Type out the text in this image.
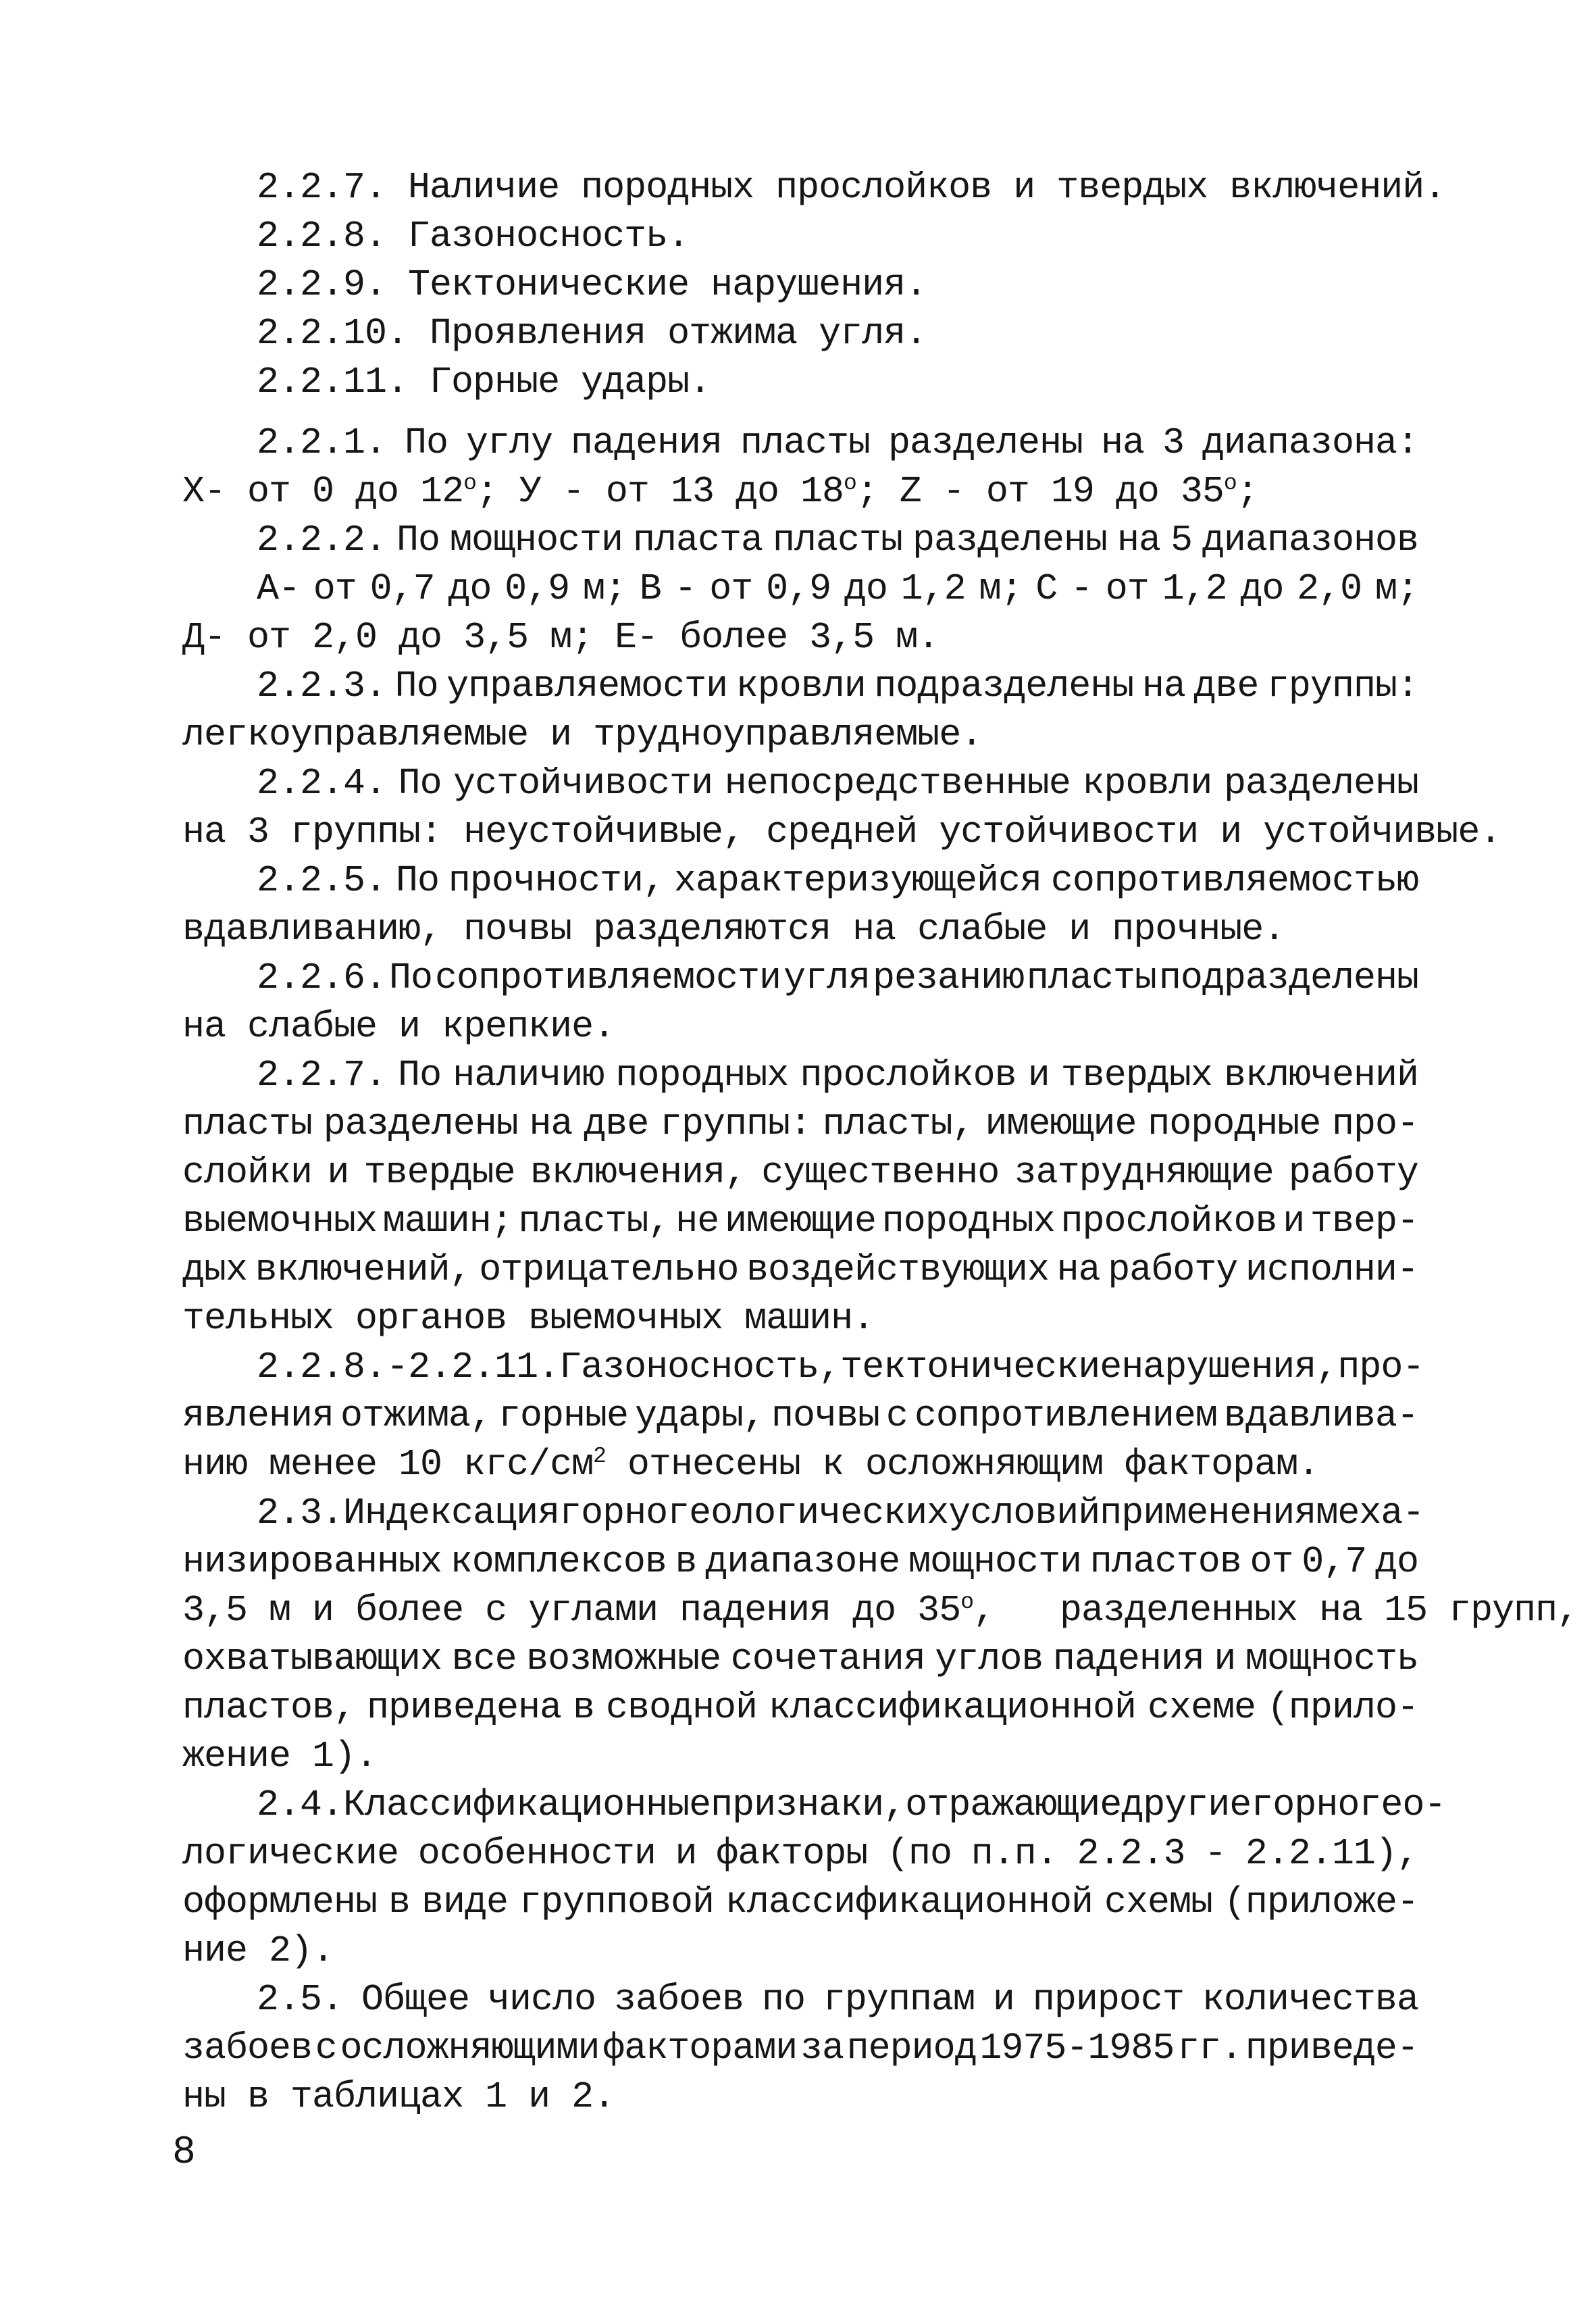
2.2.7. Наличие породных прослойков и твердых включений.
2.2.8. Газоносность.
2.2.9. Тектонические нарушения.
2.2.10. Проявления отжима угля.
2.2.11. Горные удары.
2.2.1. По углу падения пласты разделены на 3 диапазона:
Х- от 0 до $12^о$; У - от 13 до $18^о$; Z - от 19 до $35^о$;
2.2.2. По мощности пласта пласты разделены на 5 диапазонов
А- от 0,7 до 0,9 м; В - от 0,9 до 1,2 м; С - от 1,2 до 2,0 м;
Д- от 2,0 до 3,5 м; Е- более 3,5 м.
2.2.3. По управляемости кровли подразделены на две группы:
легкоуправляемые и трудноуправляемые.
2.2.4. По устойчивости непосредственные кровли разделены
на 3 группы: неустойчивые, средней устойчивости и устойчивые.
2.2.5. По прочности, характеризующейся сопротивляемостью
вдавливанию, почвы разделяются на слабые и прочные.
2.2.6. По сопротивляемости угля резанию пласты подразделены
на слабые и крепкие.
2.2.7. По наличию породных прослойков и твердых включений
пласты разделены на две группы: пласты, имеющие породные про-
слойки и твердые включения, существенно затрудняющие работу
выемочных машин; пласты, не имеющие породных прослойков и твер-
дых включений, отрицательно воздействующих на работу исполни-
тельных органов выемочных машин.
2.2.8. - 2.2.11. Газоносность, тектонические нарушения, про-
явления отжима, горные удары, почвы с сопротивлением вдавлива-
нию менее 10 кгс/$см^2$ отнесены к осложняющим факторам.
2.3. Индексация горногеологических условий применения меха-
низированных комплексов в диапазоне мощности пластов от 0,7 до
3,5 м и более с углами падения до $35^о$,   разделенных на 15 групп,
охватывающих все возможные сочетания углов падения и мощность
пластов, приведена в сводной классификационной схеме (прило-
жение 1).
2.4. Классификационные признаки, отражающие другие горногео-
логические особенности и факторы (по п.п. 2.2.3 - 2.2.11),
оформлены в виде групповой классификационной схемы (приложе-
ние 2).
2.5. Общее число забоев по группам и прирост количества
забоев с осложняющими факторами за период 1975-1985 гг. приведе-
ны в таблицах 1 и 2.
8
